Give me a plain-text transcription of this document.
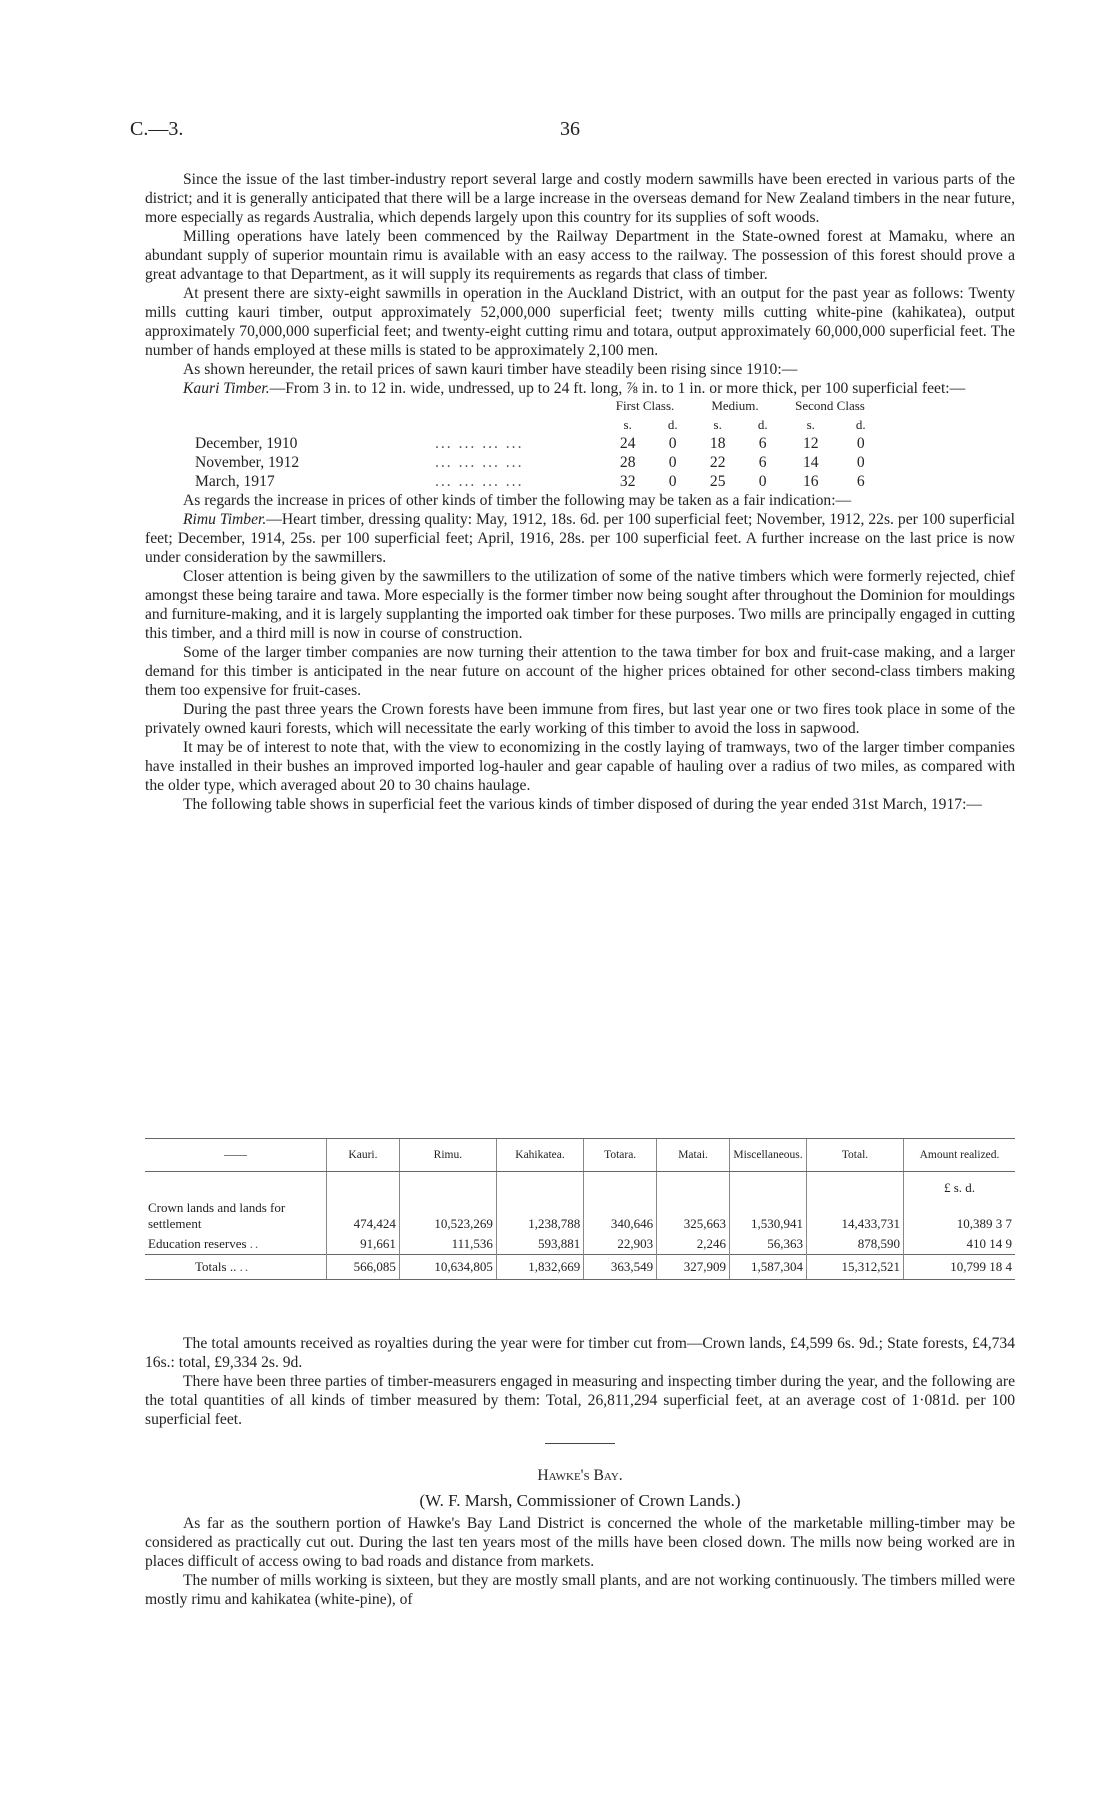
C.—3.	36

Since the issue of the last timber-industry report several large and costly modern sawmills have been erected in various parts of the district; and it is generally anticipated that there will be a large increase in the overseas demand for New Zealand timbers in the near future, more especially as regards Australia, which depends largely upon this country for its supplies of soft woods.

Milling operations have lately been commenced by the Railway Department in the State-owned forest at Mamaku, where an abundant supply of superior mountain rimu is available with an easy access to the railway. The possession of this forest should prove a great advantage to that Department, as it will supply its requirements as regards that class of timber.

At present there are sixty-eight sawmills in operation in the Auckland District, with an output for the past year as follows: Twenty mills cutting kauri timber, output approximately 52,000,000 superficial feet; twenty mills cutting white-pine (kahikatea), output approximately 70,000,000 superficial feet; and twenty-eight cutting rimu and totara, output approximately 60,000,000 superficial feet. The number of hands employed at these mills is stated to be approximately 2,100 men.

As shown hereunder, the retail prices of sawn kauri timber have steadily been rising since 1910:—

Kauri Timber.—From 3 in. to 12 in. wide, undressed, up to 24 ft. long, ⅞ in. to 1 in. or more thick, per 100 superficial feet:—

		First Class.		Medium.		Second Class	
		s.	d.	s.	d.	s.	d.
December, 1910	... ... ... ...	24	0	18	6	12	0
November, 1912	... ... ... ...	28	0	22	6	14	0
March, 1917	... ... ... ...	32	0	25	0	16	6

As regards the increase in prices of other kinds of timber the following may be taken as a fair indication:—

Rimu Timber.—Heart timber, dressing quality: May, 1912, 18s. 6d. per 100 superficial feet; November, 1912, 22s. per 100 superficial feet; December, 1914, 25s. per 100 superficial feet; April, 1916, 28s. per 100 superficial feet. A further increase on the last price is now under consideration by the sawmillers.

Closer attention is being given by the sawmillers to the utilization of some of the native timbers which were formerly rejected, chief amongst these being taraire and tawa. More especially is the former timber now being sought after throughout the Dominion for mouldings and furniture-making, and it is largely supplanting the imported oak timber for these purposes. Two mills are principally engaged in cutting this timber, and a third mill is now in course of construction.

Some of the larger timber companies are now turning their attention to the tawa timber for box and fruit-case making, and a larger demand for this timber is anticipated in the near future on account of the higher prices obtained for other second-class timbers making them too expensive for fruit-cases.

During the past three years the Crown forests have been immune from fires, but last year one or two fires took place in some of the privately owned kauri forests, which will necessitate the early working of this timber to avoid the loss in sapwood.

It may be of interest to note that, with the view to economizing in the costly laying of tramways, two of the larger timber companies have installed in their bushes an improved imported log-hauler and gear capable of hauling over a radius of two miles, as compared with the older type, which averaged about 20 to 30 chains haulage.

The following table shows in superficial feet the various kinds of timber disposed of during the year ended 31st March, 1917:—

——	Kauri.	Rimu.	Kahikatea.	Totara.	Matai.	Miscellaneous.	Total.	Amount realized.
								£ s. d.
Crown lands and lands for settlement	474,424	10,523,269	1,238,788	340,646	325,663	1,530,941	14,433,731	10,389 3 7
Education reserves ..	91,661	111,536	593,881	22,903	2,246	56,363	878,590	410 14 9
Totals .. ..	566,085	10,634,805	1,832,669	363,549	327,909	1,587,304	15,312,521	10,799 18 4

The total amounts received as royalties during the year were for timber cut from—Crown lands, £4,599 6s. 9d.; State forests, £4,734 16s.: total, £9,334 2s. 9d.

There have been three parties of timber-measurers engaged in measuring and inspecting timber during the year, and the following are the total quantities of all kinds of timber measured by them: Total, 26,811,294 superficial feet, at an average cost of 1·081d. per 100 superficial feet.

Hawke's Bay.

(W. F. Marsh, Commissioner of Crown Lands.)

As far as the southern portion of Hawke's Bay Land District is concerned the whole of the marketable milling-timber may be considered as practically cut out. During the last ten years most of the mills have been closed down. The mills now being worked are in places difficult of access owing to bad roads and distance from markets.

The number of mills working is sixteen, but they are mostly small plants, and are not working continuously. The timbers milled were mostly rimu and kahikatea (white-pine), of
